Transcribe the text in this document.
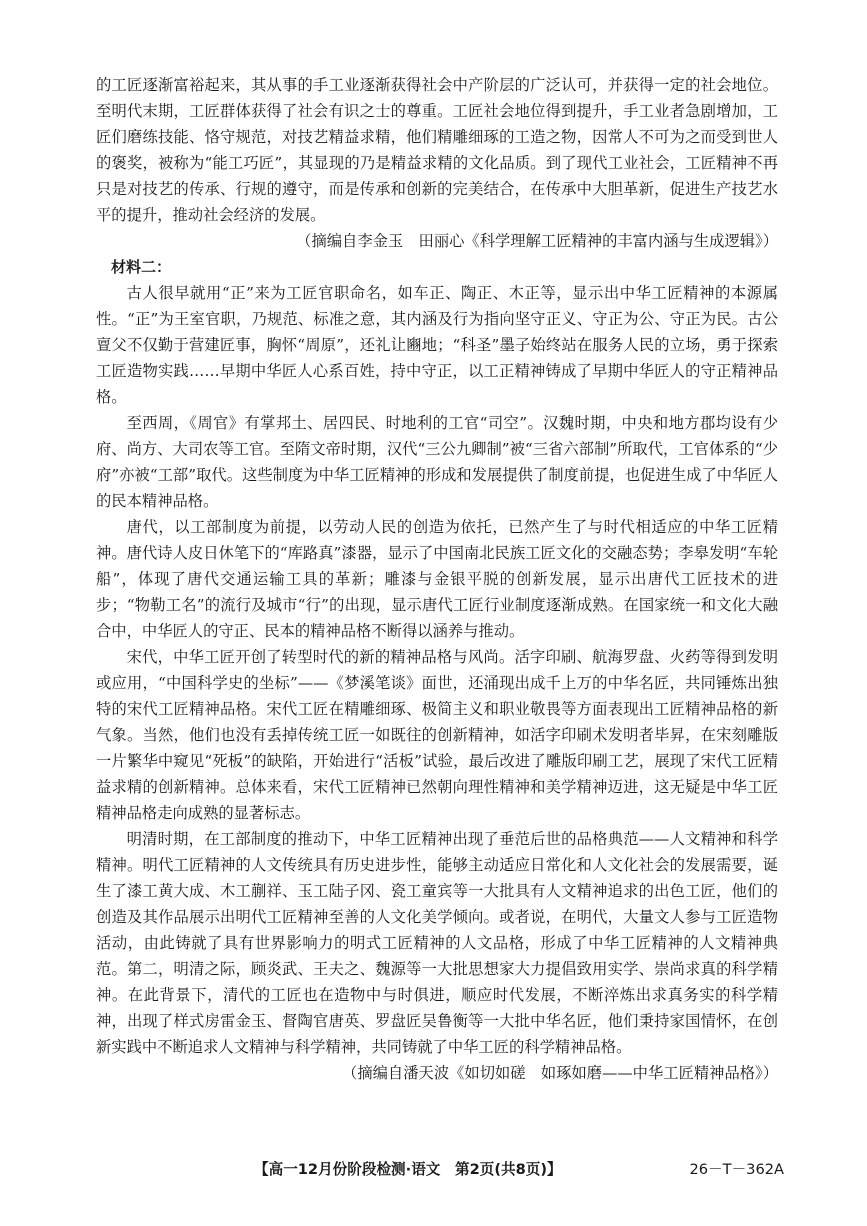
的工匠逐渐富裕起来，其从事的手工业逐渐获得社会中产阶层的广泛认可，并获得一定的社会地位。至明代末期，工匠群体获得了社会有识之士的尊重。工匠社会地位得到提升，手工业者急剧增加，工匠们磨练技能、恪守规范，对技艺精益求精，他们精雕细琢的工造之物，因常人不可为之而受到世人的褒奖，被称为“能工巧匠”，其显现的乃是精益求精的文化品质。到了现代工业社会，工匠精神不再只是对技艺的传承、行规的遵守，而是传承和创新的完美结合，在传承中大胆革新，促进生产技艺水平的提升，推动社会经济的发展。

（摘编自李金玉　田丽心《科学理解工匠精神的丰富内涵与生成逻辑》）

材料二：

古人很早就用“正”来为工匠官职命名，如车正、陶正、木正等，显示出中华工匠精神的本源属性。“正”为王室官职，乃规范、标准之意，其内涵及行为指向坚守正义、守正为公、守正为民。古公亶父不仅勤于营建匠事，胸怀“周原”，还礼让豳地；“科圣”墨子始终站在服务人民的立场，勇于探索工匠造物实践……早期中华匠人心系百姓，持中守正，以工正精神铸成了早期中华匠人的守正精神品格。

至西周，《周官》有掌邦土、居四民、时地利的工官“司空”。汉魏时期，中央和地方郡均设有少府、尚方、大司农等工官。至隋文帝时期，汉代“三公九卿制”被“三省六部制”所取代，工官体系的“少府”亦被“工部”取代。这些制度为中华工匠精神的形成和发展提供了制度前提，也促进生成了中华匠人的民本精神品格。

唐代，以工部制度为前提，以劳动人民的创造为依托，已然产生了与时代相适应的中华工匠精神。唐代诗人皮日休笔下的“库路真”漆器，显示了中国南北民族工匠文化的交融态势；李皋发明“车轮船”，体现了唐代交通运输工具的革新；雕漆与金银平脱的创新发展，显示出唐代工匠技术的进步；“物勒工名”的流行及城市“行”的出现，显示唐代工匠行业制度逐渐成熟。在国家统一和文化大融合中，中华匠人的守正、民本的精神品格不断得以涵养与推动。

宋代，中华工匠开创了转型时代的新的精神品格与风尚。活字印刷、航海罗盘、火药等得到发明或应用，“中国科学史的坐标”——《梦溪笔谈》面世，还涌现出成千上万的中华名匠，共同锤炼出独特的宋代工匠精神品格。宋代工匠在精雕细琢、极简主义和职业敬畏等方面表现出工匠精神品格的新气象。当然，他们也没有丢掉传统工匠一如既往的创新精神，如活字印刷术发明者毕昇，在宋刻雕版一片繁华中窥见“死板”的缺陷，开始进行“活板”试验，最后改进了雕版印刷工艺，展现了宋代工匠精益求精的创新精神。总体来看，宋代工匠精神已然朝向理性精神和美学精神迈进，这无疑是中华工匠精神品格走向成熟的显著标志。

明清时期，在工部制度的推动下，中华工匠精神出现了垂范后世的品格典范——人文精神和科学精神。明代工匠精神的人文传统具有历史进步性，能够主动适应日常化和人文化社会的发展需要，诞生了漆工黄大成、木工蒯祥、玉工陆子冈、瓷工童宾等一大批具有人文精神追求的出色工匠，他们的创造及其作品展示出明代工匠精神至善的人文化美学倾向。或者说，在明代，大量文人参与工匠造物活动，由此铸就了具有世界影响力的明式工匠精神的人文品格，形成了中华工匠精神的人文精神典范。第二，明清之际，顾炎武、王夫之、魏源等一大批思想家大力提倡致用实学、崇尚求真的科学精神。在此背景下，清代的工匠也在造物中与时俱进，顺应时代发展，不断淬炼出求真务实的科学精神，出现了样式房雷金玉、督陶官唐英、罗盘匠吴鲁衡等一大批中华名匠，他们秉持家国情怀，在创新实践中不断追求人文精神与科学精神，共同铸就了中华工匠的科学精神品格。

（摘编自潘天波《如切如磋　如琢如磨——中华工匠精神品格》）

【高一12月份阶段检测·语文　第2页(共8页)】	26－T－362A
